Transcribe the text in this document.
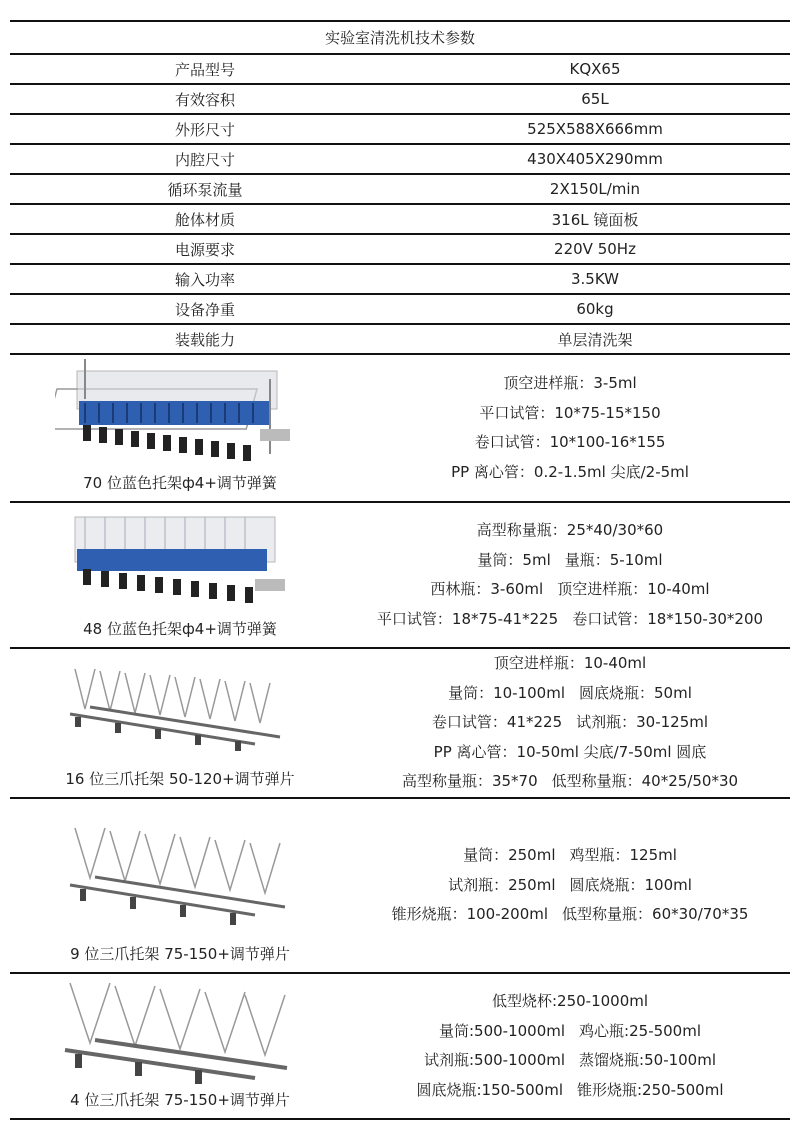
实验室清洗机技术参数
产品型号	KQX65
有效容积	65L
外形尺寸	525X588X666mm
内腔尺寸	430X405X290mm
循环泵流量	2X150L/min
舱体材质	316L 镜面板
电源要求	220V 50Hz
输入功率	3.5KW
设备净重	60kg
装载能力	单层清洗架
70 位蓝色托架ф4+调节弹簧
顶空进样瓶：3-5ml
平口试管：10*75-15*150
卷口试管：10*100-16*155
PP 离心管：0.2-1.5ml 尖底/2-5ml
48 位蓝色托架ф4+调节弹簧
高型称量瓶：25*40/30*60
量筒：5ml 量瓶：5-10ml
西林瓶：3-60ml 顶空进样瓶：10-40ml
平口试管：18*75-41*225 卷口试管：18*150-30*200
16 位三爪托架 50-120+调节弹片
顶空进样瓶：10-40ml
量筒：10-100ml 圆底烧瓶：50ml
卷口试管：41*225 试剂瓶：30-125ml
PP 离心管：10-50ml 尖底/7-50ml 圆底
高型称量瓶：35*70 低型称量瓶：40*25/50*30
9 位三爪托架 75-150+调节弹片
量筒：250ml 鸡型瓶：125ml
试剂瓶：250ml 圆底烧瓶：100ml
锥形烧瓶：100-200ml 低型称量瓶：60*30/70*35
4 位三爪托架 75-150+调节弹片
低型烧杯:250-1000ml
量筒:500-1000ml 鸡心瓶:25-500ml
试剂瓶:500-1000ml 蒸馏烧瓶:50-100ml
圆底烧瓶:150-500ml 锥形烧瓶:250-500ml
